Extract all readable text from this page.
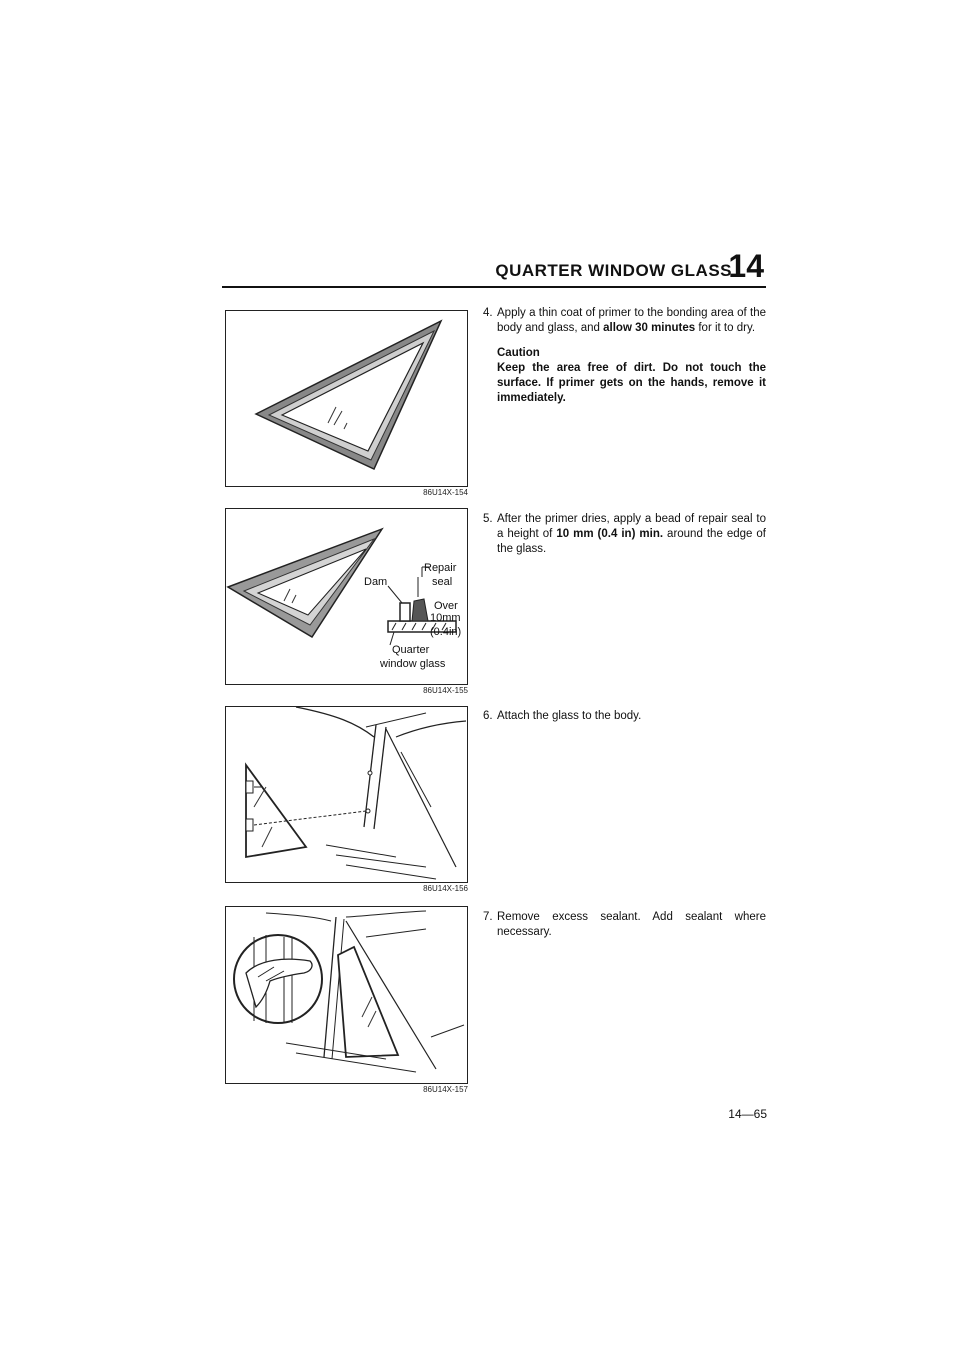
QUARTER WINDOW GLASS
14
86U14X-154
Repair
seal
Dam
Over
10mm
(0.4in)
Quarter
window glass
86U14X-155
86U14X-156
86U14X-157
4. Apply a thin coat of primer to the bonding area of the body and glass, and allow 30 minutes for it to dry.
Caution
Keep the area free of dirt. Do not touch the surface. If primer gets on the hands, remove it immediately.
5. After the primer dries, apply a bead of repair seal to a height of 10 mm (0.4 in) min. around the edge of the glass.
6. Attach the glass to the body.
7. Remove excess sealant. Add sealant where necessary.
14—65
